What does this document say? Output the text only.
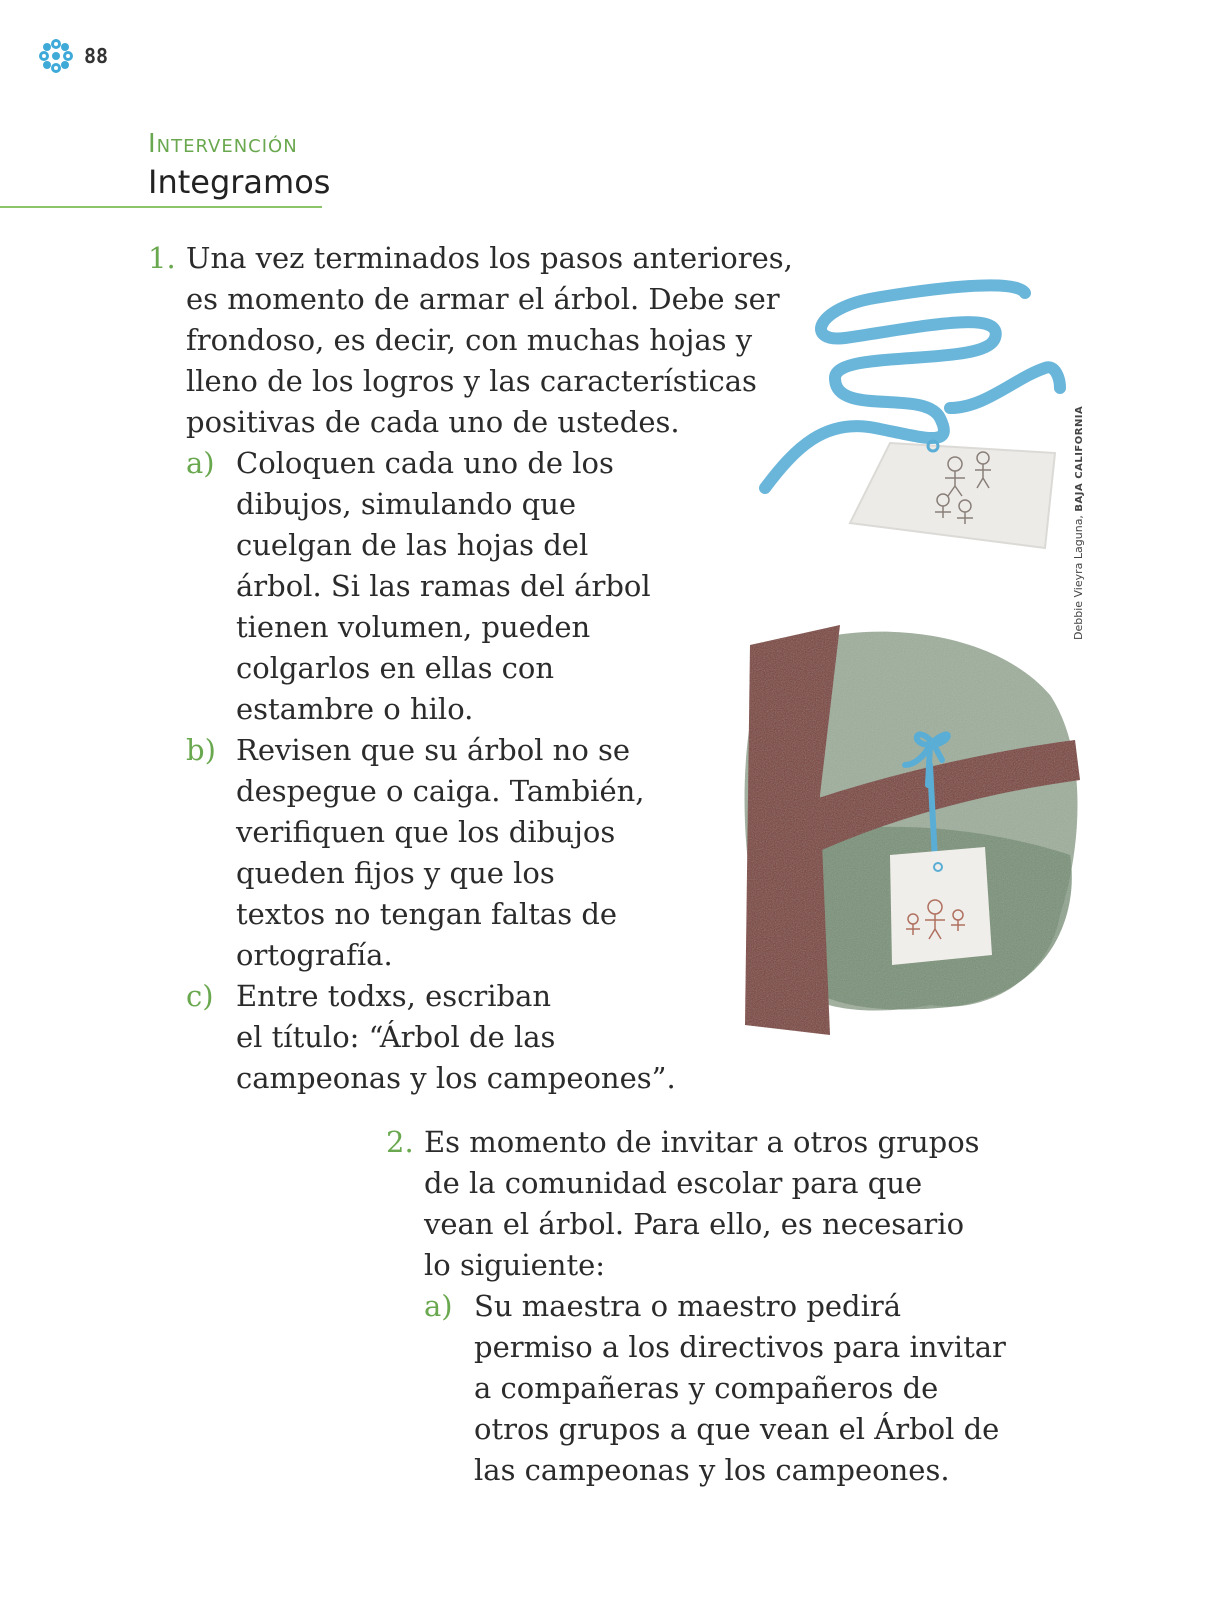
88
Intervención
Integramos
1. Una vez terminados los pasos anteriores,
es momento de armar el árbol. Debe ser
frondoso, es decir, con muchas hojas y
lleno de los logros y las características
positivas de cada uno de ustedes.
a) Coloquen cada uno de los
dibujos, simulando que
cuelgan de las hojas del
árbol. Si las ramas del árbol
tienen volumen, pueden
colgarlos en ellas con
estambre o hilo.
b) Revisen que su árbol no se
despegue o caiga. También,
verifiquen que los dibujos
queden fijos y que los
textos no tengan faltas de
ortografía.
c) Entre todxs, escriban
el título: “Árbol de las
campeonas y los campeones”.
2. Es momento de invitar a otros grupos
de la comunidad escolar para que
vean el árbol. Para ello, es necesario
lo siguiente:
a) Su maestra o maestro pedirá
permiso a los directivos para invitar
a compañeras y compañeros de
otros grupos a que vean el Árbol de
las campeonas y los campeones.
Debbie Vieyra Laguna, BAJA CALIFORNIA
